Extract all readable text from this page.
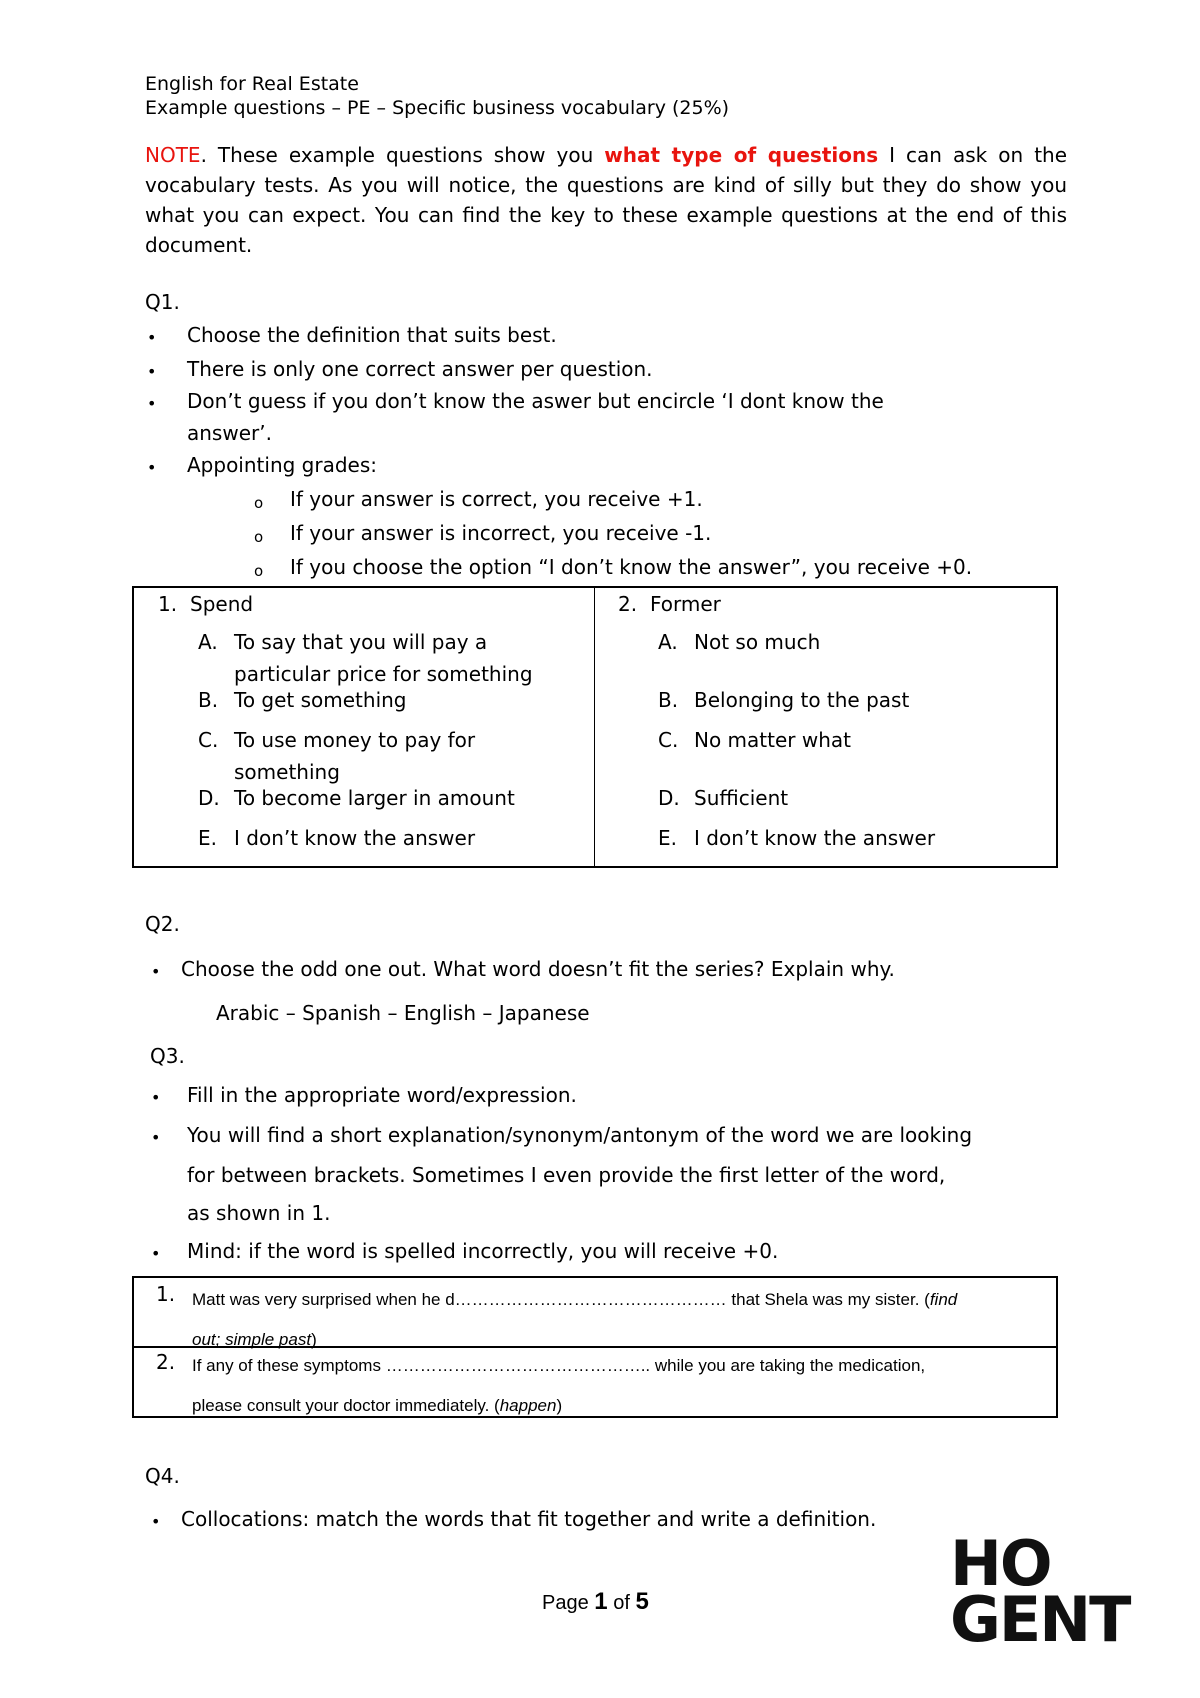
English for Real Estate
Example questions – PE – Specific business vocabulary (25%)
NOTE. These example questions show you what type of questions I can ask on the vocabulary tests. As you will notice, the questions are kind of silly but they do show you what you can expect. You can find the key to these example questions at the end of this document.
Q1.
• Choose the definition that suits best.
• There is only one correct answer per question.
• Don’t guess if you don’t know the aswer but encircle ‘I dont know the
answer’.
• Appointing grades:
o If your answer is correct, you receive +1.
o If your answer is incorrect, you receive -1.
o If you choose the option “I don’t know the answer”, you receive +0.
1. Spend
A. To say that you will pay a
particular price for something
B. To get something
C. To use money to pay for
something
D. To become larger in amount
E. I don’t know the answer
2. Former
A. Not so much
B. Belonging to the past
C. No matter what
D. Sufficient
E. I don’t know the answer
Q2.
• Choose the odd one out. What word doesn’t fit the series? Explain why.
Arabic – Spanish – English – Japanese
Q3.
• Fill in the appropriate word/expression.
• You will find a short explanation/synonym/antonym of the word we are looking
for between brackets. Sometimes I even provide the first letter of the word,
as shown in 1.
• Mind: if the word is spelled incorrectly, you will receive +0.
1. Matt was very surprised when he d………………………………………… that Shela was my sister. (find
out; simple past)
2. If any of these symptoms ……………………………………….. while you are taking the medication,
please consult your doctor immediately. (happen)
Q4.
• Collocations: match the words that fit together and write a definition.
HO
GENT
Page 1 of 5
